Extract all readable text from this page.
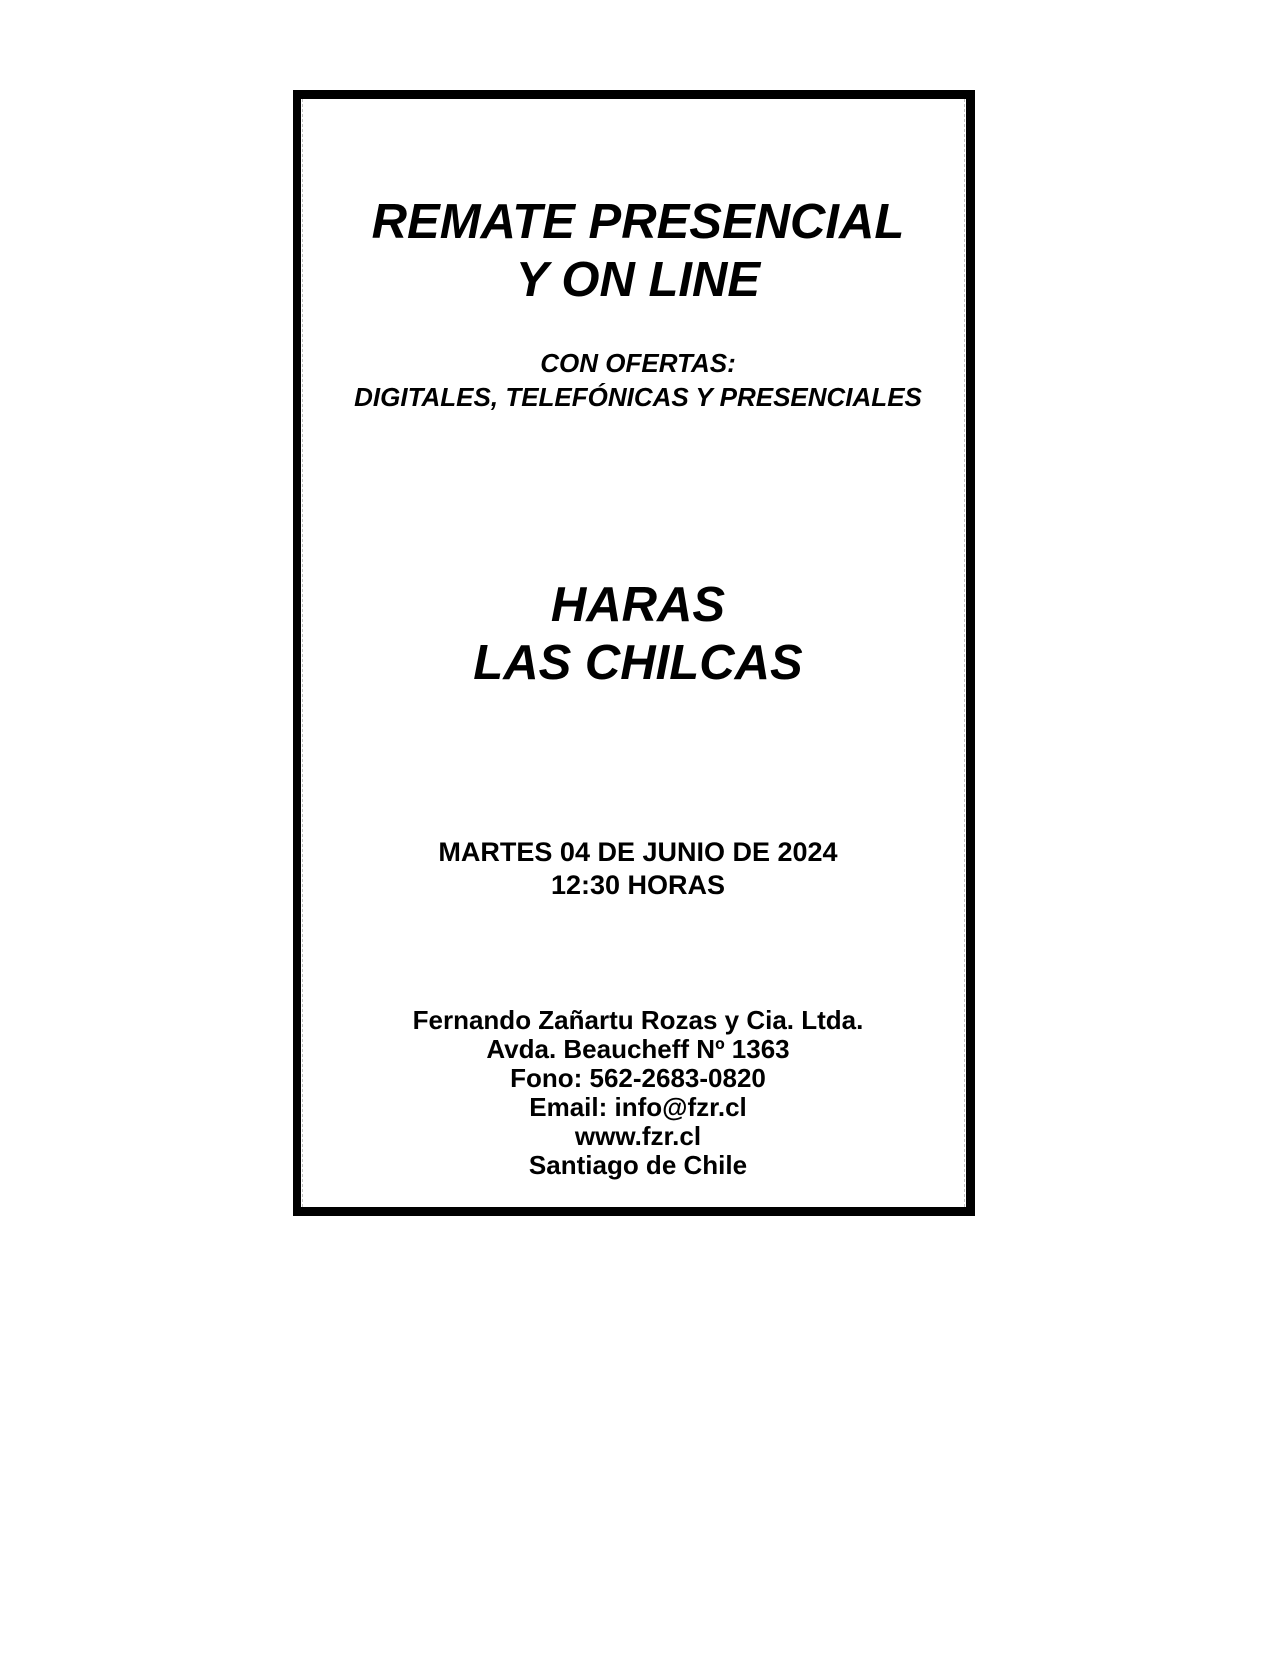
REMATE PRESENCIAL
Y ON LINE
CON OFERTAS:
DIGITALES, TELEFÓNICAS Y PRESENCIALES
HARAS
LAS CHILCAS
MARTES 04 DE JUNIO DE 2024
12:30 HORAS
Fernando Zañartu Rozas y Cia. Ltda.
Avda. Beaucheff Nº 1363
Fono: 562-2683-0820
Email: info@fzr.cl
www.fzr.cl
Santiago de Chile
